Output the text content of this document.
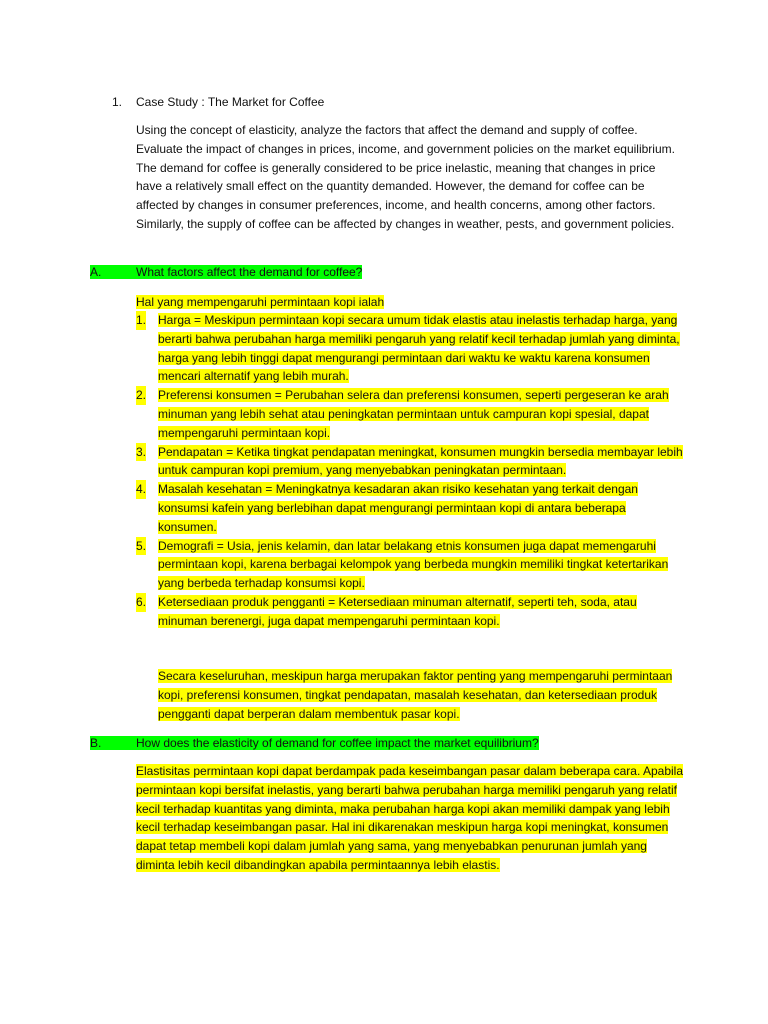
1. Case Study : The Market for Coffee
Using the concept of elasticity, analyze the factors that affect the demand and supply of coffee. Evaluate the impact of changes in prices, income, and government policies on the market equilibrium. The demand for coffee is generally considered to be price inelastic, meaning that changes in price have a relatively small effect on the quantity demanded. However, the demand for coffee can be affected by changes in consumer preferences, income, and health concerns, among other factors. Similarly, the supply of coffee can be affected by changes in weather, pests, and government policies.
A.	What factors affect the demand for coffee?
Hal yang mempengaruhi permintaan kopi ialah
1. Harga = Meskipun permintaan kopi secara umum tidak elastis atau inelastis terhadap harga, yang berarti bahwa perubahan harga memiliki pengaruh yang relatif kecil terhadap jumlah yang diminta, harga yang lebih tinggi dapat mengurangi permintaan dari waktu ke waktu karena konsumen mencari alternatif yang lebih murah.
2. Preferensi konsumen = Perubahan selera dan preferensi konsumen, seperti pergeseran ke arah minuman yang lebih sehat atau peningkatan permintaan untuk campuran kopi spesial, dapat mempengaruhi permintaan kopi.
3. Pendapatan = Ketika tingkat pendapatan meningkat, konsumen mungkin bersedia membayar lebih untuk campuran kopi premium, yang menyebabkan peningkatan permintaan.
4. Masalah kesehatan = Meningkatnya kesadaran akan risiko kesehatan yang terkait dengan konsumsi kafein yang berlebihan dapat mengurangi permintaan kopi di antara beberapa konsumen.
5. Demografi = Usia, jenis kelamin, dan latar belakang etnis konsumen juga dapat memengaruhi permintaan kopi, karena berbagai kelompok yang berbeda mungkin memiliki tingkat ketertarikan yang berbeda terhadap konsumsi kopi.
6. Ketersediaan produk pengganti = Ketersediaan minuman alternatif, seperti teh, soda, atau minuman berenergi, juga dapat mempengaruhi permintaan kopi.
Secara keseluruhan, meskipun harga merupakan faktor penting yang mempengaruhi permintaan kopi, preferensi konsumen, tingkat pendapatan, masalah kesehatan, dan ketersediaan produk pengganti dapat berperan dalam membentuk pasar kopi.
B.	How does the elasticity of demand for coffee impact the market equilibrium?
Elastisitas permintaan kopi dapat berdampak pada keseimbangan pasar dalam beberapa cara. Apabila permintaan kopi bersifat inelastis, yang berarti bahwa perubahan harga memiliki pengaruh yang relatif kecil terhadap kuantitas yang diminta, maka perubahan harga kopi akan memiliki dampak yang lebih kecil terhadap keseimbangan pasar. Hal ini dikarenakan meskipun harga kopi meningkat, konsumen dapat tetap membeli kopi dalam jumlah yang sama, yang menyebabkan penurunan jumlah yang diminta lebih kecil dibandingkan apabila permintaannya lebih elastis.
